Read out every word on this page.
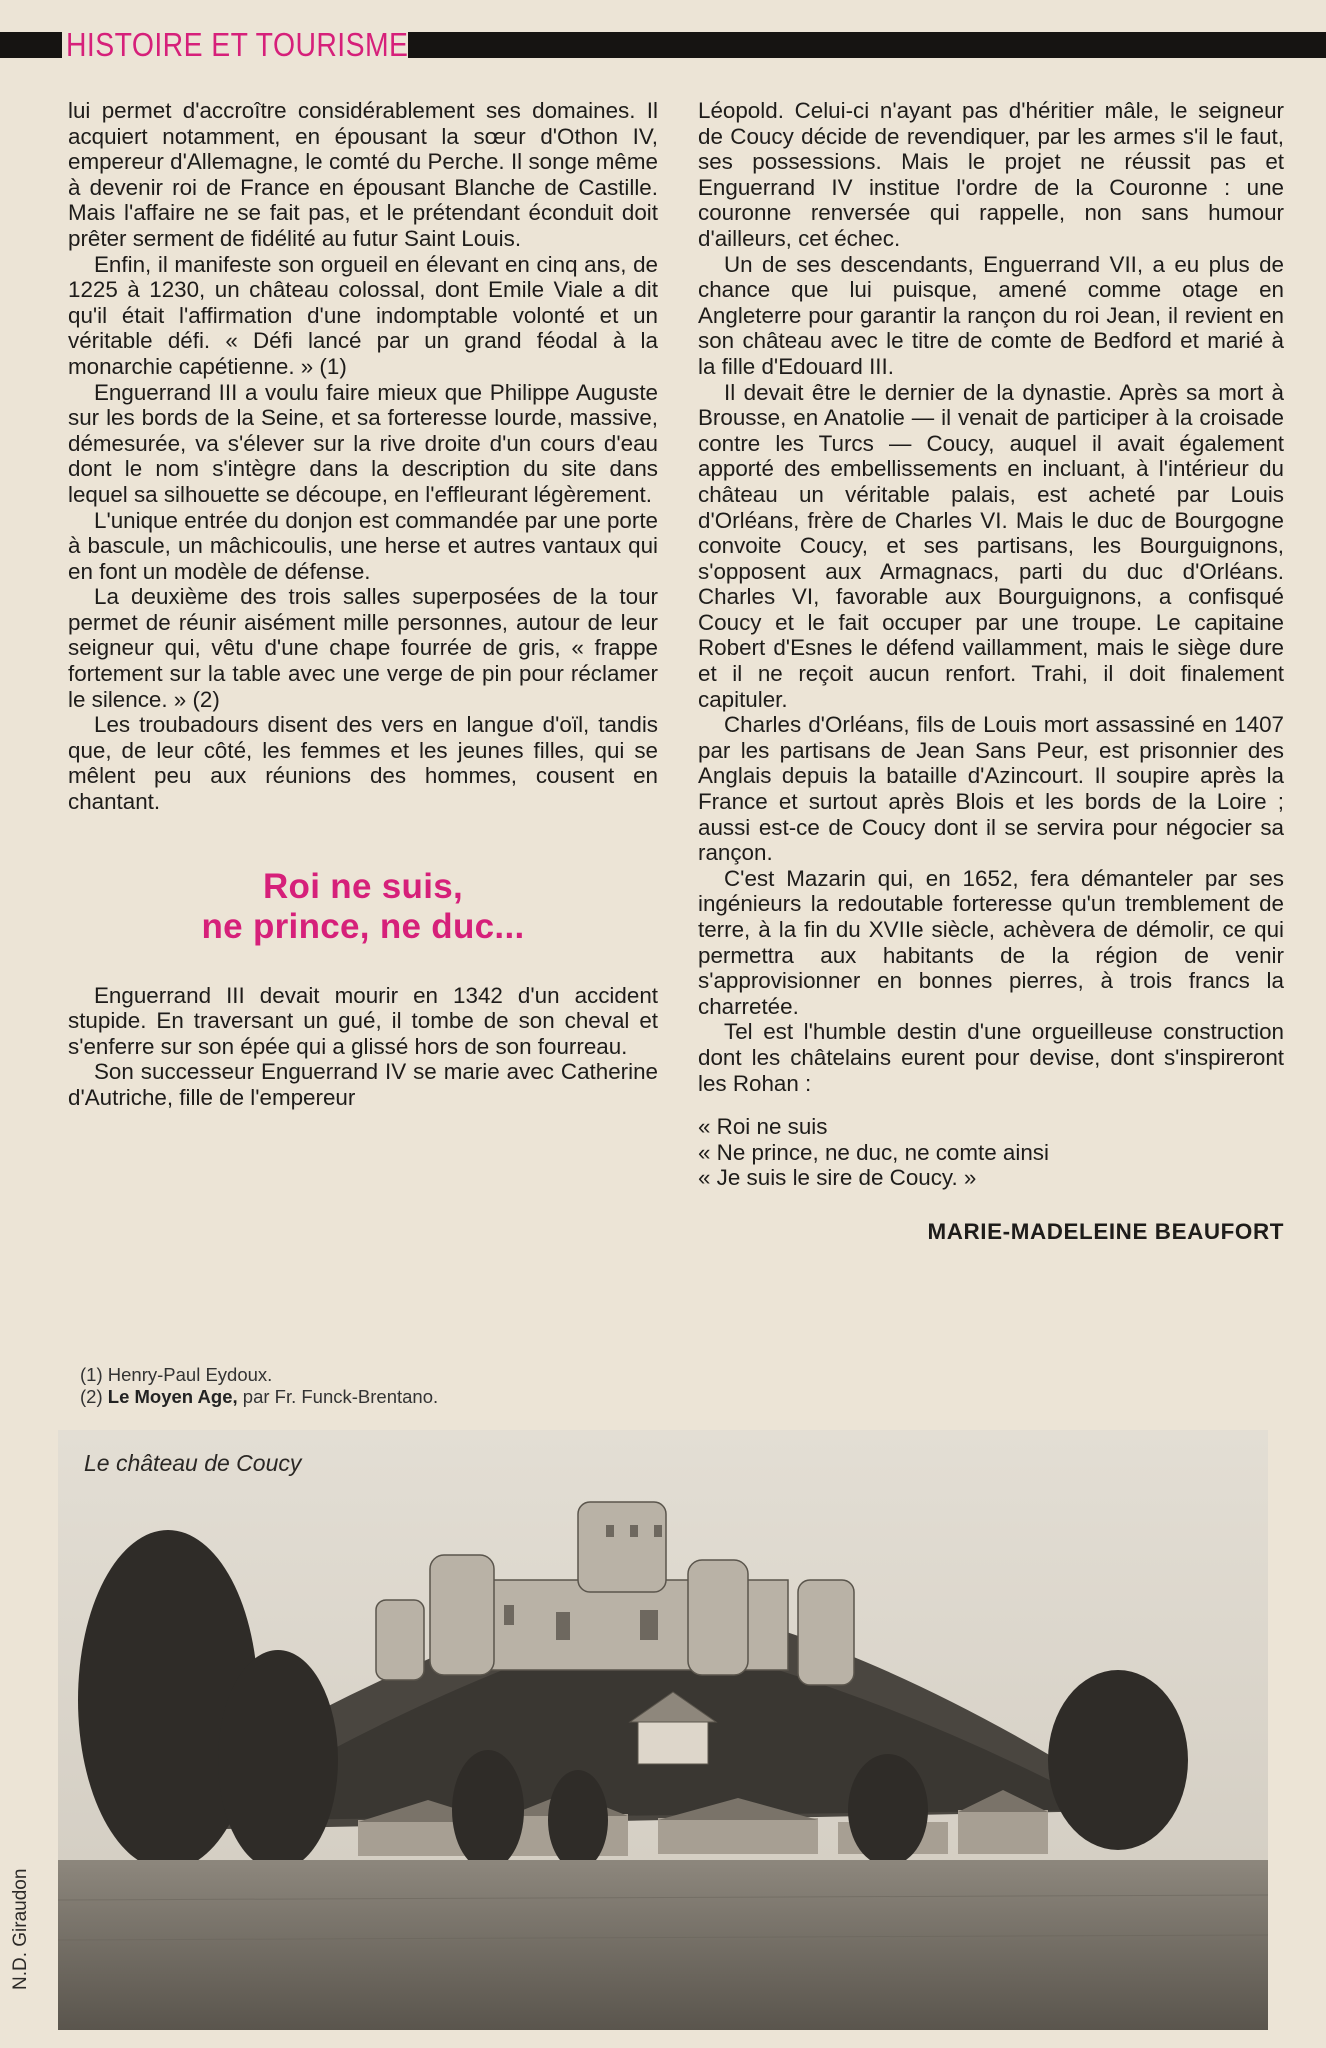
HISTOIRE ET TOURISME

lui permet d'accroître considérablement ses domaines. Il acquiert notamment, en épousant la sœur d'Othon IV, empereur d'Allemagne, le comté du Perche. Il songe même à devenir roi de France en épousant Blanche de Castille. Mais l'affaire ne se fait pas, et le prétendant éconduit doit prêter serment de fidélité au futur Saint Louis.

Enfin, il manifeste son orgueil en élevant en cinq ans, de 1225 à 1230, un château colossal, dont Emile Viale a dit qu'il était l'affirmation d'une indomptable volonté et un véritable défi. « Défi lancé par un grand féodal à la monarchie capétienne. » (1)

Enguerrand III a voulu faire mieux que Philippe Auguste sur les bords de la Seine, et sa forteresse lourde, massive, démesurée, va s'élever sur la rive droite d'un cours d'eau dont le nom s'intègre dans la description du site dans lequel sa silhouette se découpe, en l'effleurant légèrement.

L'unique entrée du donjon est commandée par une porte à bascule, un mâchicoulis, une herse et autres vantaux qui en font un modèle de défense.

La deuxième des trois salles superposées de la tour permet de réunir aisément mille personnes, autour de leur seigneur qui, vêtu d'une chape fourrée de gris, « frappe fortement sur la table avec une verge de pin pour réclamer le silence. » (2)

Les troubadours disent des vers en langue d'oïl, tandis que, de leur côté, les femmes et les jeunes filles, qui se mêlent peu aux réunions des hommes, cousent en chantant.

Roi ne suis,
ne prince, ne duc...

Enguerrand III devait mourir en 1342 d'un accident stupide. En traversant un gué, il tombe de son cheval et s'enferre sur son épée qui a glissé hors de son fourreau.

Son successeur Enguerrand IV se marie avec Catherine d'Autriche, fille de l'empereur

Léopold. Celui-ci n'ayant pas d'héritier mâle, le seigneur de Coucy décide de revendiquer, par les armes s'il le faut, ses possessions. Mais le projet ne réussit pas et Enguerrand IV institue l'ordre de la Couronne : une couronne renversée qui rappelle, non sans humour d'ailleurs, cet échec.

Un de ses descendants, Enguerrand VII, a eu plus de chance que lui puisque, amené comme otage en Angleterre pour garantir la rançon du roi Jean, il revient en son château avec le titre de comte de Bedford et marié à la fille d'Edouard III.

Il devait être le dernier de la dynastie. Après sa mort à Brousse, en Anatolie — il venait de participer à la croisade contre les Turcs — Coucy, auquel il avait également apporté des embellissements en incluant, à l'intérieur du château un véritable palais, est acheté par Louis d'Orléans, frère de Charles VI. Mais le duc de Bourgogne convoite Coucy, et ses partisans, les Bourguignons, s'opposent aux Armagnacs, parti du duc d'Orléans. Charles VI, favorable aux Bourguignons, a confisqué Coucy et le fait occuper par une troupe. Le capitaine Robert d'Esnes le défend vaillamment, mais le siège dure et il ne reçoit aucun renfort. Trahi, il doit finalement capituler.

Charles d'Orléans, fils de Louis mort assassiné en 1407 par les partisans de Jean Sans Peur, est prisonnier des Anglais depuis la bataille d'Azincourt. Il soupire après la France et surtout après Blois et les bords de la Loire ; aussi est-ce de Coucy dont il se servira pour négocier sa rançon.

C'est Mazarin qui, en 1652, fera démanteler par ses ingénieurs la redoutable forteresse qu'un tremblement de terre, à la fin du XVIIe siècle, achèvera de démolir, ce qui permettra aux habitants de la région de venir s'approvisionner en bonnes pierres, à trois francs la charretée.

Tel est l'humble destin d'une orgueilleuse construction dont les châtelains eurent pour devise, dont s'inspireront les Rohan :

« Roi ne suis
« Ne prince, ne duc, ne comte ainsi
« Je suis le sire de Coucy. »
MARIE-MADELEINE BEAUFORT
(1) Henry-Paul Eydoux.
(2) Le Moyen Age, par Fr. Funck-Brentano.
Le château de Coucy
N.D. Giraudon
